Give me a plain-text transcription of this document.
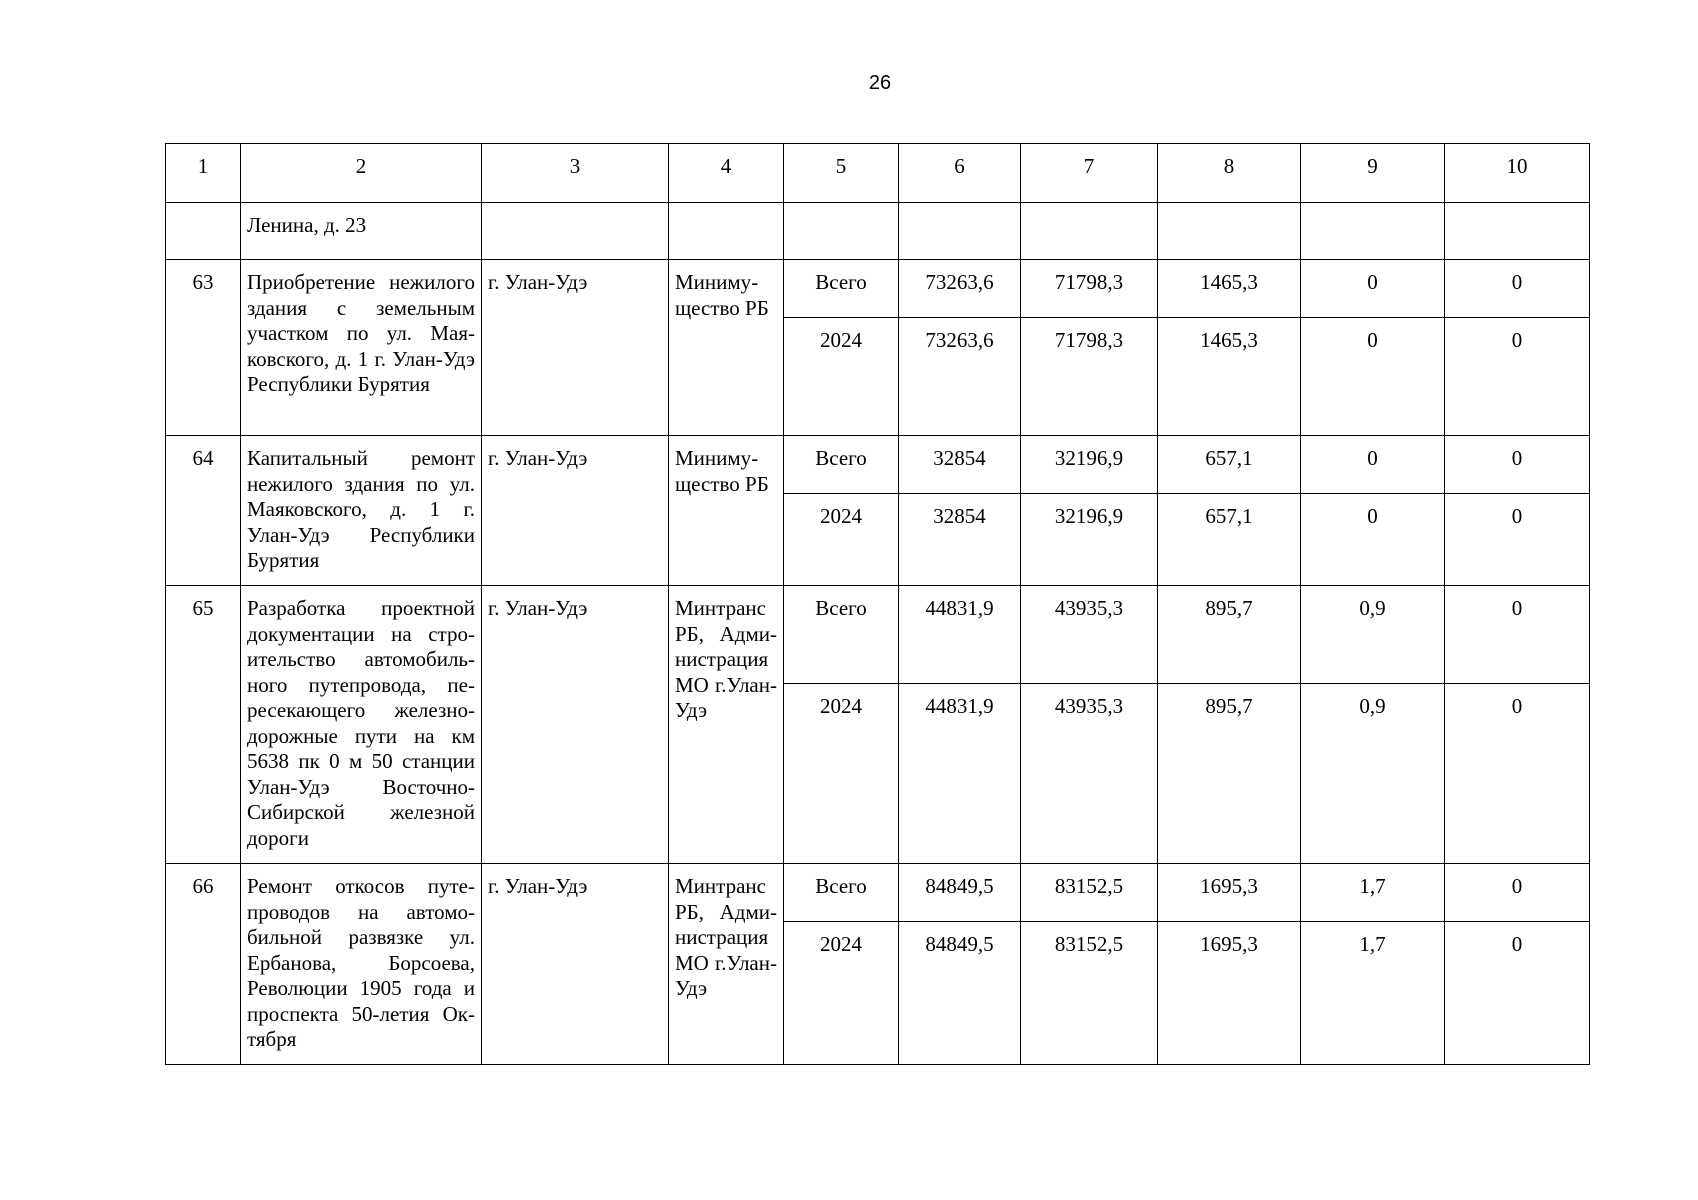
26
1	2	3	4	5	6	7	8	9	10
	Ленина, д. 23								
63	Приобретение нежилого здания с земельным участком по ул. Маяковского, д. 1 г. Улан-Удэ Республики Бурятия	г. Улан-Удэ	Минимущество РБ	Всего	73263,6	71798,3	1465,3	0	0
				2024	73263,6	71798,3	1465,3	0	0
64	Капитальный ремонт нежилого здания по ул. Маяковского, д. 1 г. Улан-Удэ Республики Бурятия	г. Улан-Удэ	Минимущество РБ	Всего	32854	32196,9	657,1	0	0
				2024	32854	32196,9	657,1	0	0
65	Разработка проектной документации на строительство автомобильного путепровода, пересекающего железнодорожные пути на км 5638 пк 0 м 50 станции Улан-Удэ Восточно-Сибирской железной дороги	г. Улан-Удэ	Минтранс РБ, Администрация МО г.Улан-Удэ	Всего	44831,9	43935,3	895,7	0,9	0
				2024	44831,9	43935,3	895,7	0,9	0
66	Ремонт откосов путепроводов на автомобильной развязке ул. Ербанова, Борсоева, Революции 1905 года и проспекта 50-летия Октября	г. Улан-Удэ	Минтранс РБ, Администрация МО г.Улан-Удэ	Всего	84849,5	83152,5	1695,3	1,7	0
				2024	84849,5	83152,5	1695,3	1,7	0
